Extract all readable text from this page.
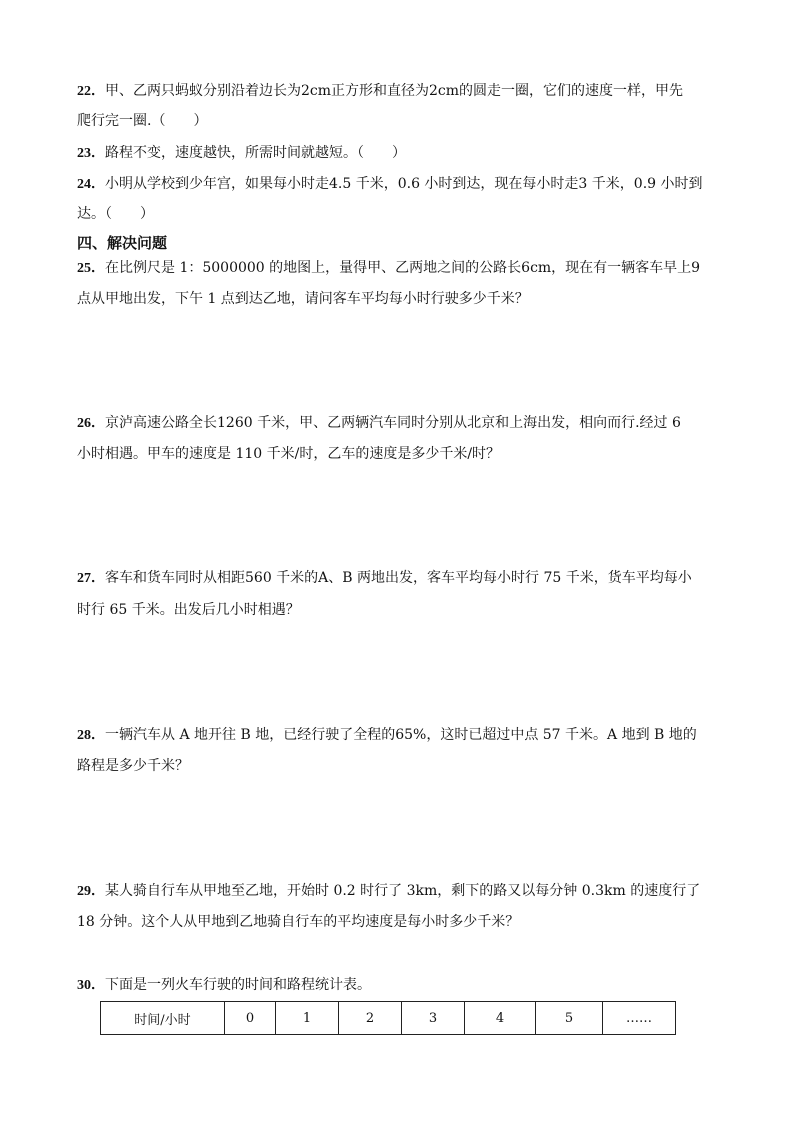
22．甲、乙两只蚂蚁分别沿着边长为2cm正方形和直径为2cm的圆走一圈，它们的速度一样，甲先
爬行完一圈.（　　）
23．路程不变，速度越快，所需时间就越短。（　　）
24．小明从学校到少年宫，如果每小时走4.5 千米，0.6 小时到达，现在每小时走3 千米，0.9 小时到
达。（　　）
四、解决问题
25．在比例尺是 1：5000000 的地图上，量得甲、乙两地之间的公路长6cm，现在有一辆客车早上9
点从甲地出发，下午 1 点到达乙地，请问客车平均每小时行驶多少千米？
26．京泸高速公路全长1260 千米，甲、乙两辆汽车同时分别从北京和上海出发，相向而行.经过 6
小时相遇。甲车的速度是 110 千米/时，乙车的速度是多少千米/时？
27．客车和货车同时从相距560 千米的A、B 两地出发，客车平均每小时行 75 千米，货车平均每小
时行 65 千米。出发后几小时相遇？
28．一辆汽车从 A 地开往 B 地，已经行驶了全程的65%，这时已超过中点 57 千米。A 地到 B 地的
路程是多少千米？
29．某人骑自行车从甲地至乙地，开始时 0.2 时行了 3km，剩下的路又以每分钟 0.3km 的速度行了
18 分钟。这个人从甲地到乙地骑自行车的平均速度是每小时多少千米？
30．下面是一列火车行驶的时间和路程统计表。
时间/小时	0	1	2	3	4	5	……
